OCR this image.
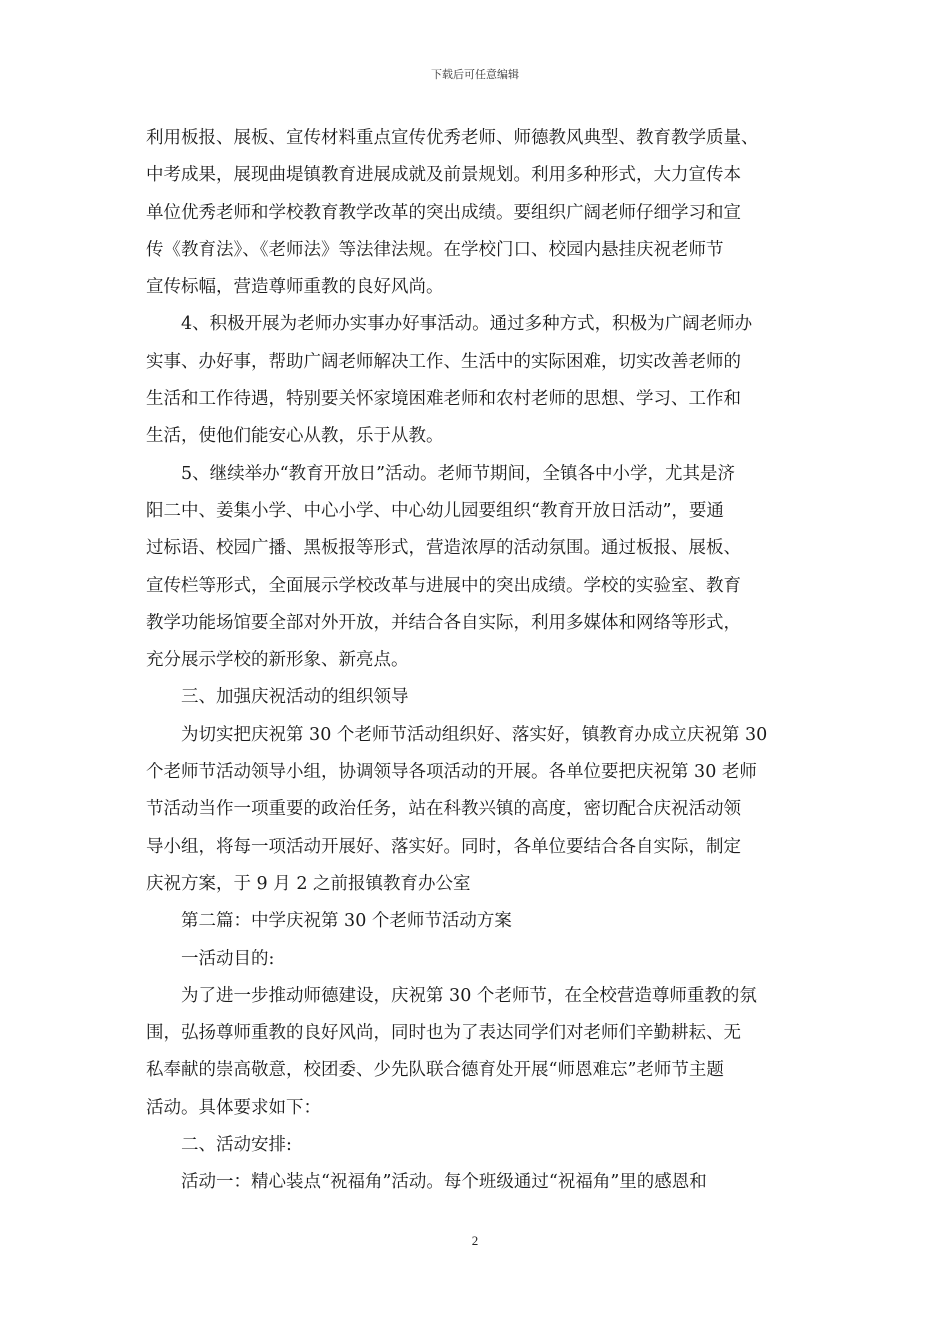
下载后可任意编辑
利用板报、展板、宣传材料重点宣传优秀老师、师德教风典型、教育教学质量、
中考成果，展现曲堤镇教育进展成就及前景规划。利用多种形式，大力宣传本
单位优秀老师和学校教育教学改革的突出成绩。要组织广阔老师仔细学习和宣
传《教育法》、《老师法》等法律法规。在学校门口、校园内悬挂庆祝老师节
宣传标幅，营造尊师重教的良好风尚。
4、积极开展为老师办实事办好事活动。通过多种方式，积极为广阔老师办
实事、办好事，帮助广阔老师解决工作、生活中的实际困难，切实改善老师的
生活和工作待遇，特别要关怀家境困难老师和农村老师的思想、学习、工作和
生活，使他们能安心从教，乐于从教。
5、继续举办“教育开放日”活动。老师节期间，全镇各中小学，尤其是济
阳二中、姜集小学、中心小学、中心幼儿园要组织“教育开放日活动”，要通
过标语、校园广播、黑板报等形式，营造浓厚的活动氛围。通过板报、展板、
宣传栏等形式，全面展示学校改革与进展中的突出成绩。学校的实验室、教育
教学功能场馆要全部对外开放，并结合各自实际，利用多媒体和网络等形式，
充分展示学校的新形象、新亮点。
三、加强庆祝活动的组织领导
为切实把庆祝第 30 个老师节活动组织好、落实好，镇教育办成立庆祝第 30
个老师节活动领导小组，协调领导各项活动的开展。各单位要把庆祝第 30 老师
节活动当作一项重要的政治任务，站在科教兴镇的高度，密切配合庆祝活动领
导小组，将每一项活动开展好、落实好。同时，各单位要结合各自实际，制定
庆祝方案，于 9 月 2 之前报镇教育办公室
第二篇：中学庆祝第 30 个老师节活动方案
一活动目的:
为了进一步推动师德建设，庆祝第 30 个老师节，在全校营造尊师重教的氛
围，弘扬尊师重教的良好风尚，同时也为了表达同学们对老师们辛勤耕耘、无
私奉献的崇高敬意，校团委、少先队联合德育处开展“师恩难忘”老师节主题
活动。具体要求如下：
二、活动安排:
活动一：精心装点“祝福角”活动。每个班级通过“祝福角”里的感恩和
2
